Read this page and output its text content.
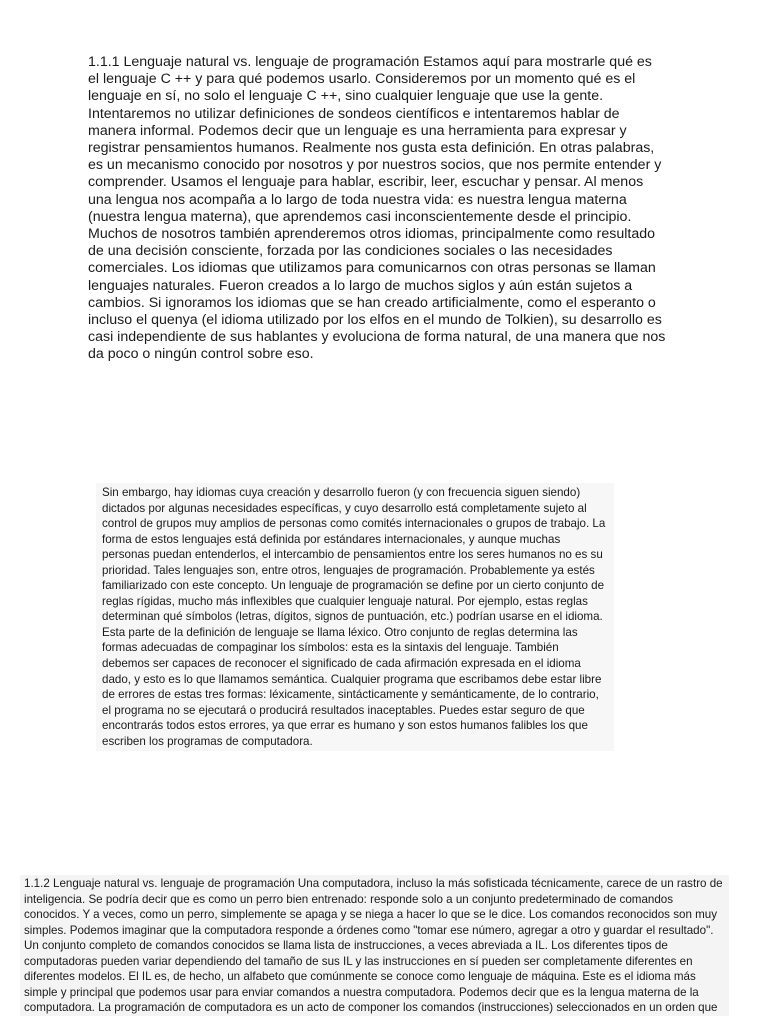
1.1.1 Lenguaje natural vs. lenguaje de programación Estamos aquí para mostrarle qué es el lenguaje C ++ y para qué podemos usarlo. Consideremos por un momento qué es el lenguaje en sí, no solo el lenguaje C ++, sino cualquier lenguaje que use la gente. Intentaremos no utilizar definiciones de sondeos científicos e intentaremos hablar de manera informal. Podemos decir que un lenguaje es una herramienta para expresar y registrar pensamientos humanos. Realmente nos gusta esta definición. En otras palabras, es un mecanismo conocido por nosotros y por nuestros socios, que nos permite entender y comprender. Usamos el lenguaje para hablar, escribir, leer, escuchar y pensar. Al menos una lengua nos acompaña a lo largo de toda nuestra vida: es nuestra lengua materna (nuestra lengua materna), que aprendemos casi inconscientemente desde el principio. Muchos de nosotros también aprenderemos otros idiomas, principalmente como resultado de una decisión consciente, forzada por las condiciones sociales o las necesidades comerciales. Los idiomas que utilizamos para comunicarnos con otras personas se llaman lenguajes naturales. Fueron creados a lo largo de muchos siglos y aún están sujetos a cambios. Si ignoramos los idiomas que se han creado artificialmente, como el esperanto o incluso el quenya (el idioma utilizado por los elfos en el mundo de Tolkien), su desarrollo es casi independiente de sus hablantes y evoluciona de forma natural, de una manera que nos da poco o ningún control sobre eso.

Sin embargo, hay idiomas cuya creación y desarrollo fueron (y con frecuencia siguen siendo) dictados por algunas necesidades específicas, y cuyo desarrollo está completamente sujeto al control de grupos muy amplios de personas como comités internacionales o grupos de trabajo. La forma de estos lenguajes está definida por estándares internacionales, y aunque muchas personas puedan entenderlos, el intercambio de pensamientos entre los seres humanos no es su prioridad. Tales lenguajes son, entre otros, lenguajes de programación. Probablemente ya estés familiarizado con este concepto. Un lenguaje de programación se define por un cierto conjunto de reglas rígidas, mucho más inflexibles que cualquier lenguaje natural. Por ejemplo, estas reglas determinan qué símbolos (letras, dígitos, signos de puntuación, etc.) podrían usarse en el idioma. Esta parte de la definición de lenguaje se llama léxico. Otro conjunto de reglas determina las formas adecuadas de compaginar los símbolos: esta es la sintaxis del lenguaje. También debemos ser capaces de reconocer el significado de cada afirmación expresada en el idioma dado, y esto es lo que llamamos semántica. Cualquier programa que escribamos debe estar libre de errores de estas tres formas: léxicamente, sintácticamente y semánticamente, de lo contrario, el programa no se ejecutará o producirá resultados inaceptables. Puedes estar seguro de que encontrarás todos estos errores, ya que errar es humano y son estos humanos falibles los que escriben los programas de computadora.

1.1.2 Lenguaje natural vs. lenguaje de programación Una computadora, incluso la más sofisticada técnicamente, carece de un rastro de inteligencia. Se podría decir que es como un perro bien entrenado: responde solo a un conjunto predeterminado de comandos conocidos. Y a veces, como un perro, simplemente se apaga y se niega a hacer lo que se le dice. Los comandos reconocidos son muy simples. Podemos imaginar que la computadora responde a órdenes como "tomar ese número, agregar a otro y guardar el resultado". Un conjunto completo de comandos conocidos se llama lista de instrucciones, a veces abreviada a IL. Los diferentes tipos de computadoras pueden variar dependiendo del tamaño de sus IL y las instrucciones en sí pueden ser completamente diferentes en diferentes modelos. El IL es, de hecho, un alfabeto que comúnmente se conoce como lenguaje de máquina. Este es el idioma más simple y principal que podemos usar para enviar comandos a nuestra computadora. Podemos decir que es la lengua materna de la computadora. La programación de computadora es un acto de componer los comandos (instrucciones) seleccionados en un orden que
